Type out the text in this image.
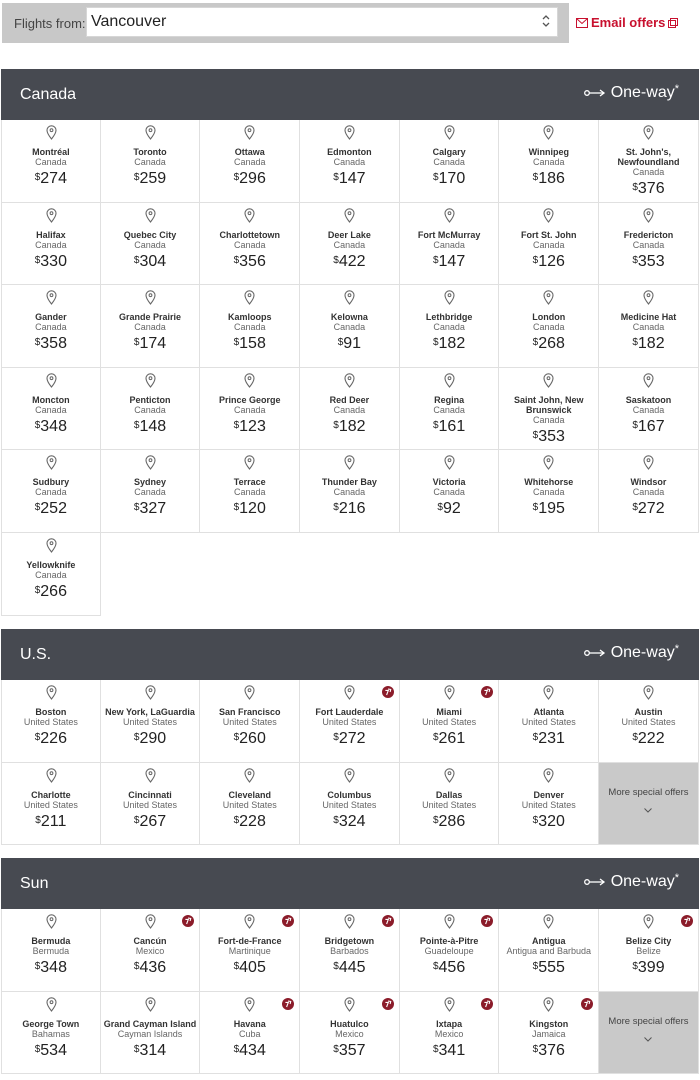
Flights from: Vancouver	Email offers
Canada	One-way*
Montréal
Canada
$274
Toronto
Canada
$259
Ottawa
Canada
$296
Edmonton
Canada
$147
Calgary
Canada
$170
Winnipeg
Canada
$186
St. John's, Newfoundland
Canada
$376
Halifax
Canada
$330
Quebec City
Canada
$304
Charlottetown
Canada
$356
Deer Lake
Canada
$422
Fort McMurray
Canada
$147
Fort St. John
Canada
$126
Fredericton
Canada
$353
Gander
Canada
$358
Grande Prairie
Canada
$174
Kamloops
Canada
$158
Kelowna
Canada
$91
Lethbridge
Canada
$182
London
Canada
$268
Medicine Hat
Canada
$182
Moncton
Canada
$348
Penticton
Canada
$148
Prince George
Canada
$123
Red Deer
Canada
$182
Regina
Canada
$161
Saint John, New Brunswick
Canada
$353
Saskatoon
Canada
$167
Sudbury
Canada
$252
Sydney
Canada
$327
Terrace
Canada
$120
Thunder Bay
Canada
$216
Victoria
Canada
$92
Whitehorse
Canada
$195
Windsor
Canada
$272
Yellowknife
Canada
$266
U.S.	One-way*
Boston
United States
$226
New York, LaGuardia
United States
$290
San Francisco
United States
$260
Fort Lauderdale
United States
$272
Miami
United States
$261
Atlanta
United States
$231
Austin
United States
$222
Charlotte
United States
$211
Cincinnati
United States
$267
Cleveland
United States
$228
Columbus
United States
$324
Dallas
United States
$286
Denver
United States
$320
More special offers
Sun	One-way*
Bermuda
Bermuda
$348
Cancún
Mexico
$436
Fort-de-France
Martinique
$405
Bridgetown
Barbados
$445
Pointe-à-Pitre
Guadeloupe
$456
Antigua
Antigua and Barbuda
$555
Belize City
Belize
$399
George Town
Bahamas
$534
Grand Cayman Island
Cayman Islands
$314
Havana
Cuba
$434
Huatulco
Mexico
$357
Ixtapa
Mexico
$341
Kingston
Jamaica
$376
More special offers
